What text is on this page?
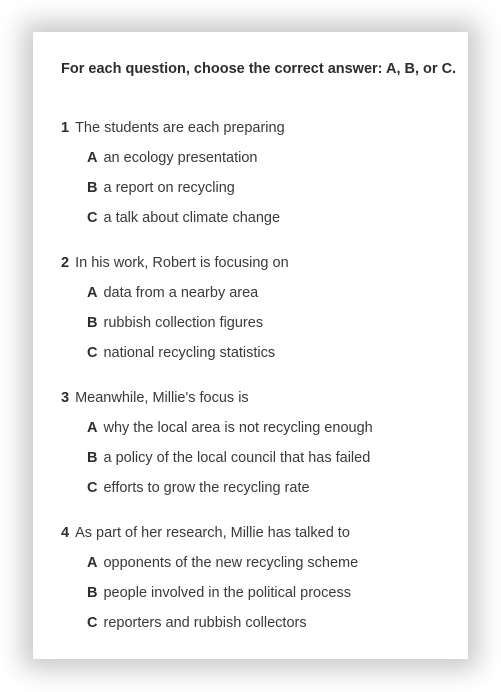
For each question, choose the correct answer: A, B, or C.
1 The students are each preparing
A an ecology presentation
B a report on recycling
C a talk about climate change
2 In his work, Robert is focusing on
A data from a nearby area
B rubbish collection figures
C national recycling statistics
3 Meanwhile, Millie's focus is
A why the local area is not recycling enough
B a policy of the local council that has failed
C efforts to grow the recycling rate
4 As part of her research, Millie has talked to
A opponents of the new recycling scheme
B people involved in the political process
C reporters and rubbish collectors
